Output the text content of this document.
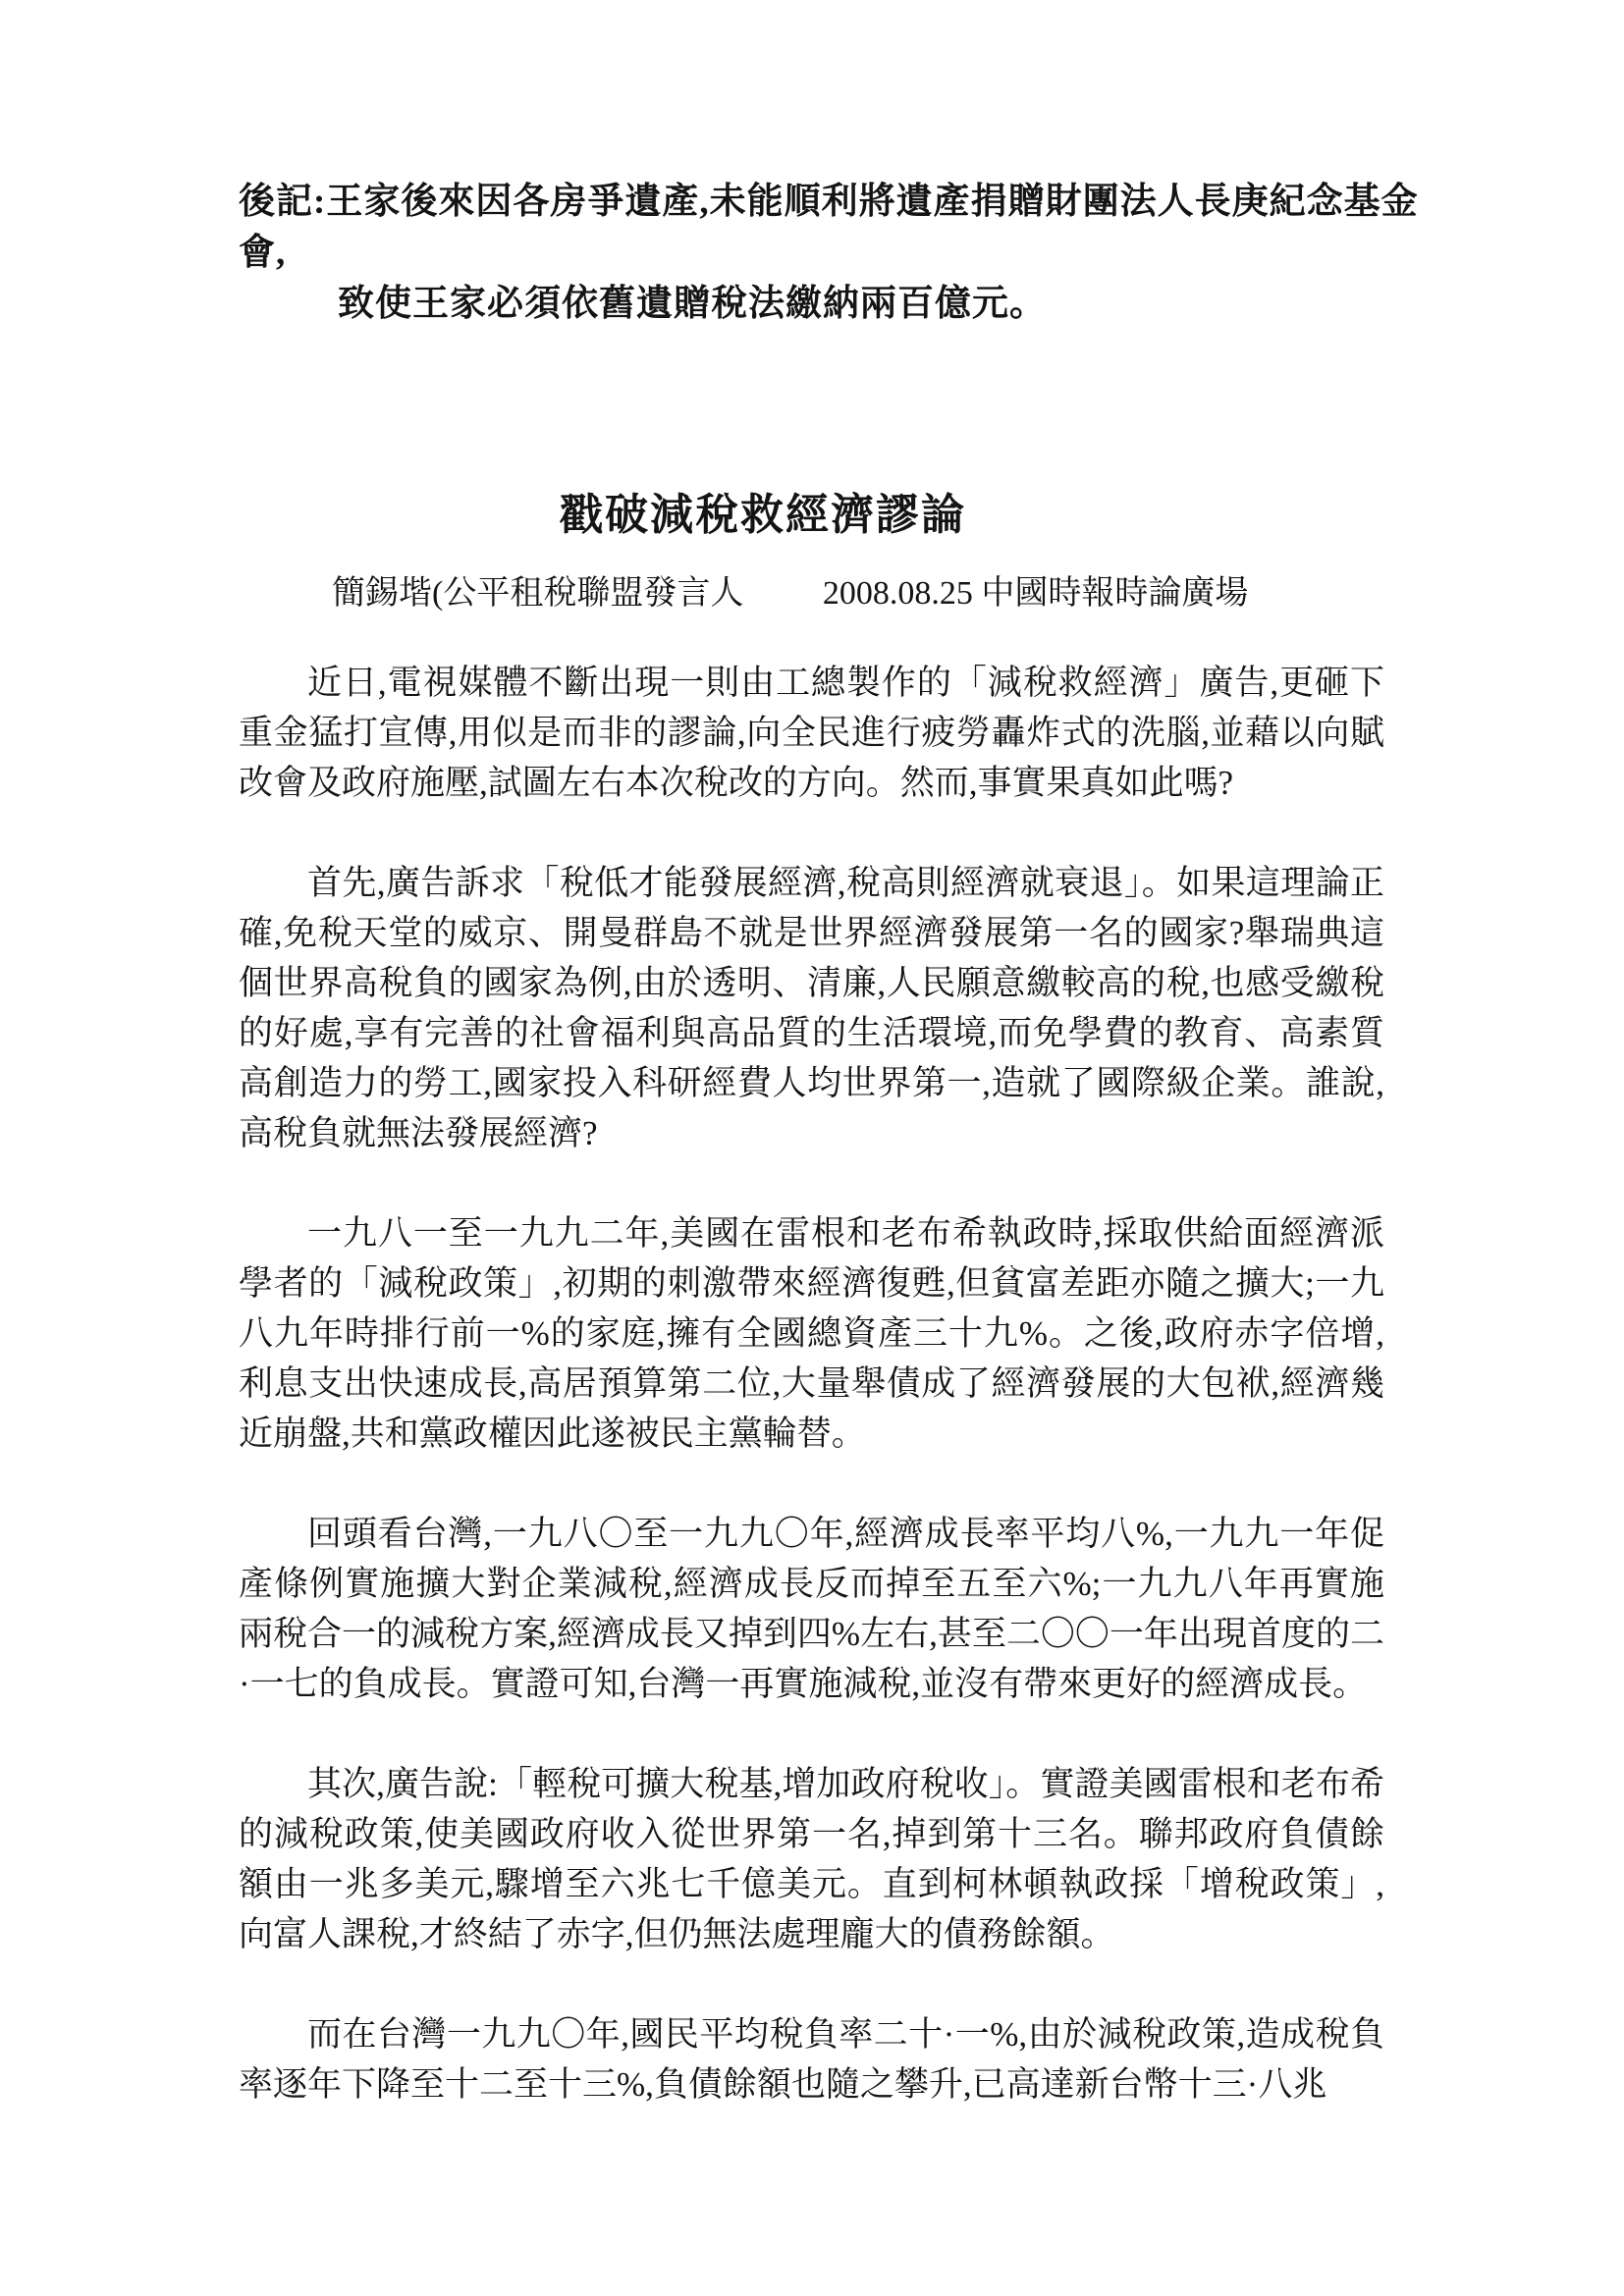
後記:王家後來因各房爭遺產,未能順利將遺產捐贈財團法人長庚紀念基金會,
致使王家必須依舊遺贈稅法繳納兩百億元。
戳破減稅救經濟謬論
簡錫堦(公平租稅聯盟發言人 2008.08.25 中國時報時論廣場

近日,電視媒體不斷出現一則由工總製作的「減稅救經濟」廣告,更砸下重金猛打宣傳,用似是而非的謬論,向全民進行疲勞轟炸式的洗腦,並藉以向賦改會及政府施壓,試圖左右本次稅改的方向。然而,事實果真如此嗎?

首先,廣告訴求「稅低才能發展經濟,稅高則經濟就衰退」。如果這理論正確,免稅天堂的威京、開曼群島不就是世界經濟發展第一名的國家?舉瑞典這個世界高稅負的國家為例,由於透明、清廉,人民願意繳較高的稅,也感受繳稅的好處,享有完善的社會福利與高品質的生活環境,而免學費的教育、高素質高創造力的勞工,國家投入科研經費人均世界第一,造就了國際級企業。誰說,高稅負就無法發展經濟?

一九八一至一九九二年,美國在雷根和老布希執政時,採取供給面經濟派學者的「減稅政策」,初期的刺激帶來經濟復甦,但貧富差距亦隨之擴大;一九八九年時排行前一%的家庭,擁有全國總資產三十九%。之後,政府赤字倍增,利息支出快速成長,高居預算第二位,大量舉債成了經濟發展的大包袱,經濟幾近崩盤,共和黨政權因此遂被民主黨輪替。

回頭看台灣,一九八〇至一九九〇年,經濟成長率平均八%,一九九一年促產條例實施擴大對企業減稅,經濟成長反而掉至五至六%;一九九八年再實施兩稅合一的減稅方案,經濟成長又掉到四%左右,甚至二〇〇一年出現首度的二·一七的負成長。實證可知,台灣一再實施減稅,並沒有帶來更好的經濟成長。

其次,廣告說:「輕稅可擴大稅基,增加政府稅收」。實證美國雷根和老布希的減稅政策,使美國政府收入從世界第一名,掉到第十三名。聯邦政府負債餘額由一兆多美元,驟增至六兆七千億美元。直到柯林頓執政採「增稅政策」,向富人課稅,才終結了赤字,但仍無法處理龐大的債務餘額。

而在台灣一九九〇年,國民平均稅負率二十·一%,由於減稅政策,造成稅負率逐年下降至十二至十三%,負債餘額也隨之攀升,已高達新台幣十三·八兆
